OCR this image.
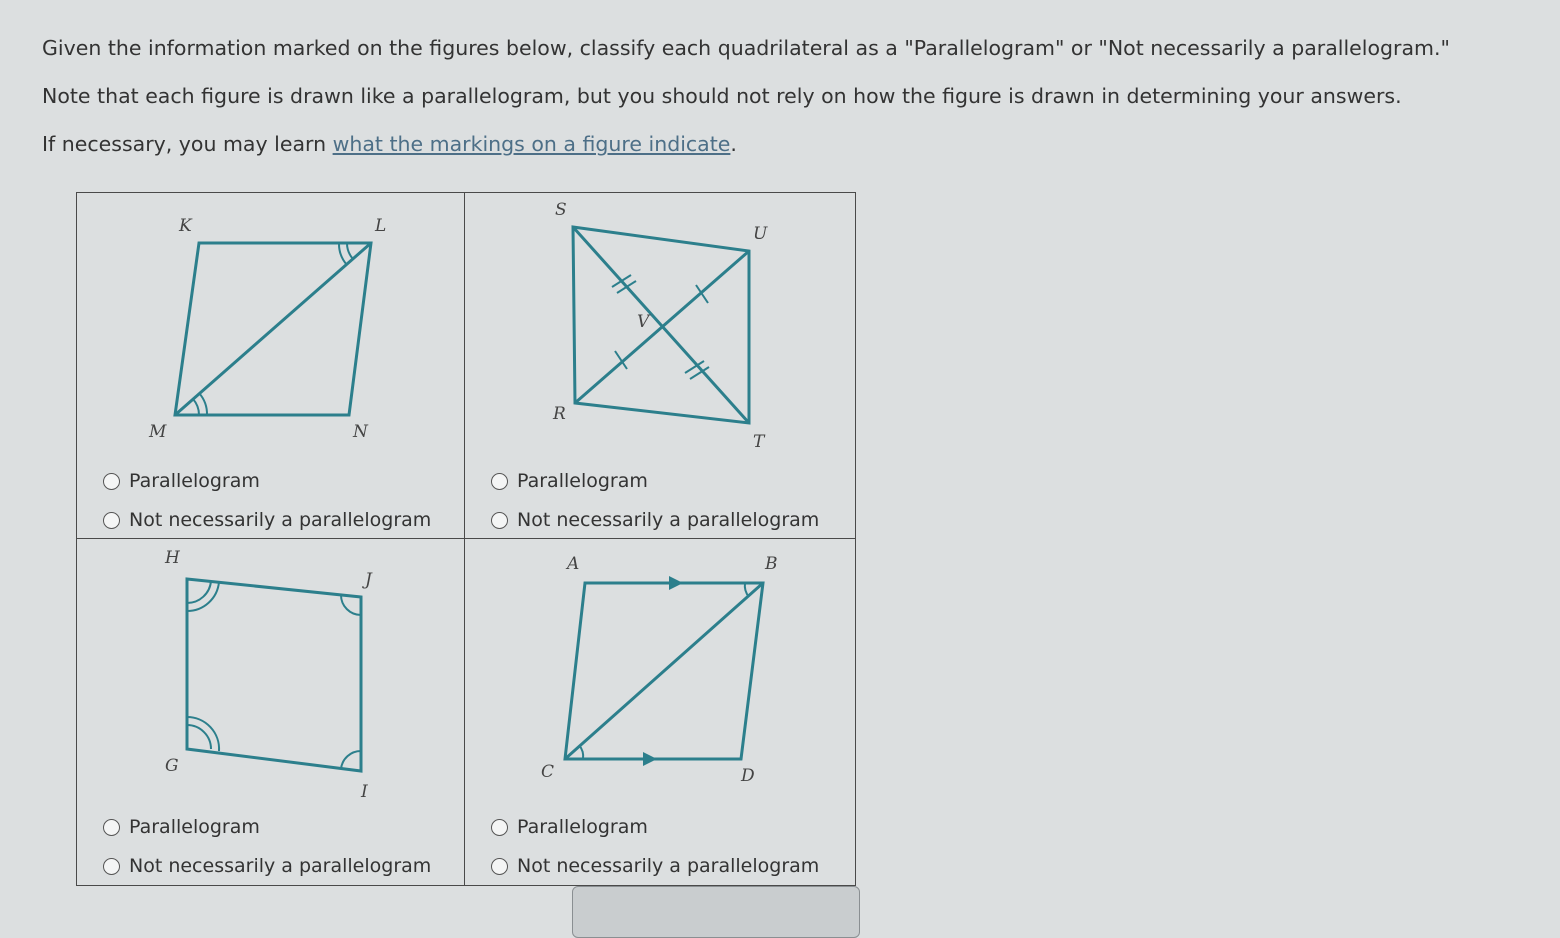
Given the information marked on the figures below, classify each quadrilateral as a "Parallelogram" or "Not necessarily a parallelogram."
Note that each figure is drawn like a parallelogram, but you should not rely on how the figure is drawn in determining your answers.
If necessary, you may learn what the markings on a figure indicate.
K	L
M	N
Parallelogram
Not necessarily a parallelogram
S
U
V
R
T
Parallelogram
Not necessarily a parallelogram
H
J
G
I
Parallelogram
Not necessarily a parallelogram
A	B
C	D
Parallelogram
Not necessarily a parallelogram
